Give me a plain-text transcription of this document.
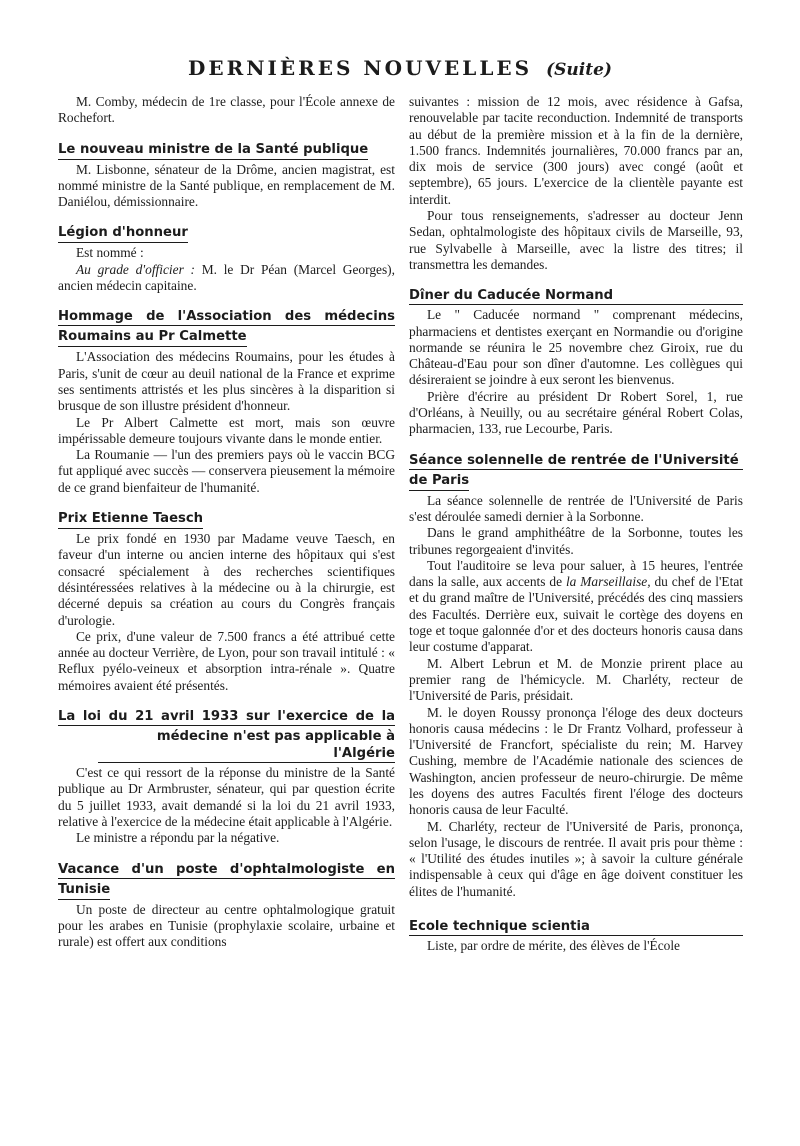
DERNIÈRES NOUVELLES (Suite)

M. Comby, médecin de 1re classe, pour l'École annexe de Rochefort.

Le nouveau ministre de la Santé publique

M. Lisbonne, sénateur de la Drôme, ancien magistrat, est nommé ministre de la Santé publique, en remplacement de M. Daniélou, démissionnaire.

Légion d'honneur

Est nommé :

Au grade d'officier : M. le Dr Péan (Marcel Georges), ancien médecin capitaine.

Hommage de l'Association des médecins
Roumains au Pr Calmette

L'Association des médecins Roumains, pour les études à Paris, s'unit de cœur au deuil national de la France et exprime ses sentiments attristés et les plus sincères à la disparition si brusque de son illustre président d'honneur.

Le Pr Albert Calmette est mort, mais son œuvre impérissable demeure toujours vivante dans le monde entier.

La Roumanie — l'un des premiers pays où le vaccin BCG fut appliqué avec succès — conservera pieusement la mémoire de ce grand bienfaiteur de l'humanité.

Prix Etienne Taesch

Le prix fondé en 1930 par Madame veuve Taesch, en faveur d'un interne ou ancien interne des hôpitaux qui s'est consacré spécialement à des recherches scientifiques désintéressées relatives à la médecine ou à la chirurgie, est décerné depuis sa création au cours du Congrès français d'urologie.

Ce prix, d'une valeur de 7.500 francs a été attribué cette année au docteur Verrière, de Lyon, pour son travail intitulé : « Reflux pyélo-veineux et absorption intra-rénale ». Quatre mémoires avaient été présentés.

La loi du 21 avril 1933 sur l'exercice de la
médecine n'est pas applicable à l'Algérie

C'est ce qui ressort de la réponse du ministre de la Santé publique au Dr Armbruster, sénateur, qui par question écrite du 5 juillet 1933, avait demandé si la loi du 21 avril 1933, relative à l'exercice de la médecine était applicable à l'Algérie.

Le ministre a répondu par la négative.

Vacance d'un poste d'ophtalmologiste en
Tunisie

Un poste de directeur au centre ophtalmologique gratuit pour les arabes en Tunisie (prophylaxie scolaire, urbaine et rurale) est offert aux conditions

suivantes : mission de 12 mois, avec résidence à Gafsa, renouvelable par tacite reconduction. Indemnité de transports au début de la première mission et à la fin de la dernière, 1.500 francs. Indemnités journalières, 70.000 francs par an, dix mois de service (300 jours) avec congé (août et septembre), 65 jours. L'exercice de la clientèle payante est interdit.

Pour tous renseignements, s'adresser au docteur Jenn Sedan, ophtalmologiste des hôpitaux civils de Marseille, 93, rue Sylvabelle à Marseille, avec la listre des titres; il transmettra les demandes.

Dîner du Caducée Normand

Le " Caducée normand " comprenant médecins, pharmaciens et dentistes exerçant en Normandie ou d'origine normande se réunira le 25 novembre chez Giroix, rue du Château-d'Eau pour son dîner d'automne. Les collègues qui désireraient se joindre à eux seront les bienvenus.

Prière d'écrire au président Dr Robert Sorel, 1, rue d'Orléans, à Neuilly, ou au secrétaire général Robert Colas, pharmacien, 133, rue Lecourbe, Paris.

Séance solennelle de rentrée de l'Université
de Paris

La séance solennelle de rentrée de l'Université de Paris s'est déroulée samedi dernier à la Sorbonne.

Dans le grand amphithéâtre de la Sorbonne, toutes les tribunes regorgeaient d'invités.

Tout l'auditoire se leva pour saluer, à 15 heures, l'entrée dans la salle, aux accents de la Marseillaise, du chef de l'Etat et du grand maître de l'Université, précédés des cinq massiers des Facultés. Derrière eux, suivait le cortège des doyens en toge et toque galonnée d'or et des docteurs honoris causa dans leur costume d'apparat.

M. Albert Lebrun et M. de Monzie prirent place au premier rang de l'hémicycle. M. Charléty, recteur de l'Université de Paris, présidait.

M. le doyen Roussy prononça l'éloge des deux docteurs honoris causa médecins : le Dr Frantz Volhard, professeur à l'Université de Francfort, spécialiste du rein; M. Harvey Cushing, membre de l'Académie nationale des sciences de Washington, ancien professeur de neuro-chirurgie. De même les doyens des autres Facultés firent l'éloge des docteurs honoris causa de leur Faculté.

M. Charléty, recteur de l'Université de Paris, prononça, selon l'usage, le discours de rentrée. Il avait pris pour thème : « l'Utilité des études inutiles »; à savoir la culture générale indispensable à ceux qui d'âge en âge doivent constituer les élites de l'humanité.

Ecole technique scientia

Liste, par ordre de mérite, des élèves de l'École
